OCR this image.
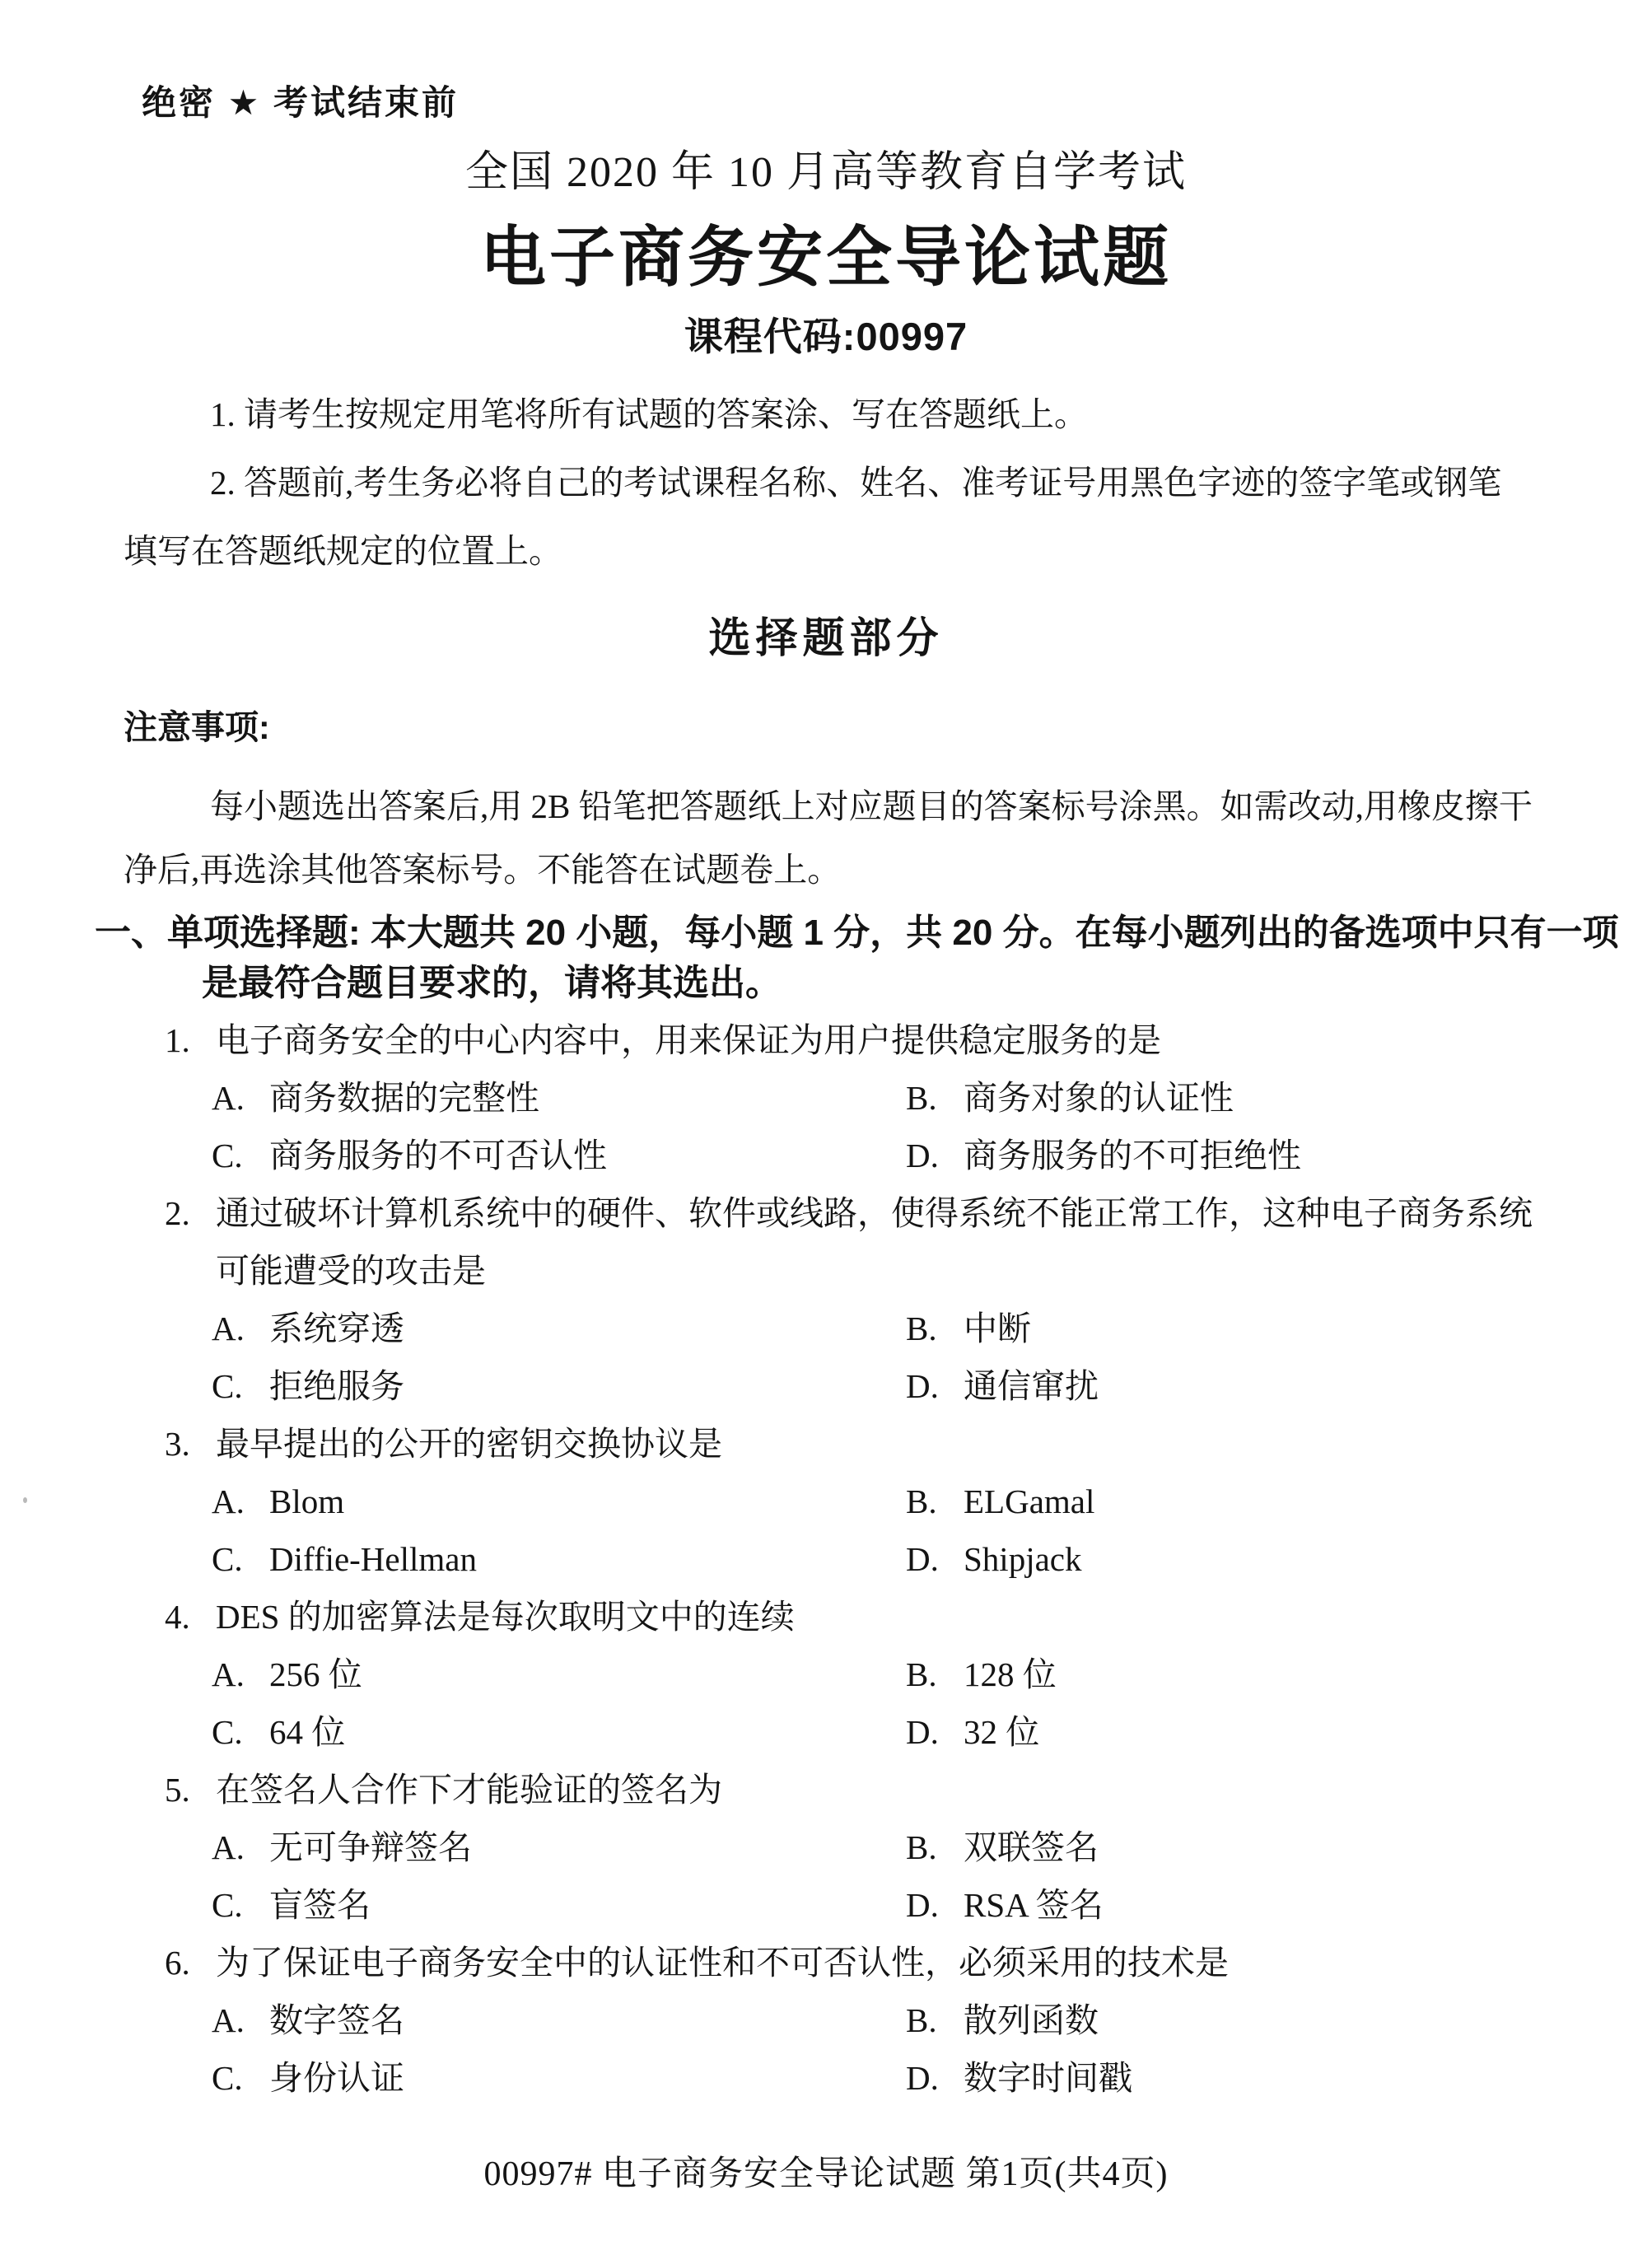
绝密 ★ 考试结束前
全国 2020 年 10 月高等教育自学考试
电子商务安全导论试题
课程代码:00997

1. 请考生按规定用笔将所有试题的答案涂、写在答题纸上。

2. 答题前,考生务必将自己的考试课程名称、姓名、准考证号用黑色字迹的签字笔或钢笔填写在答题纸规定的位置上。

选择题部分

注意事项:

每小题选出答案后,用 2B 铅笔把答题纸上对应题目的答案标号涂黑。如需改动,用橡皮擦干净后,再选涂其他答案标号。不能答在试题卷上。

一、单项选择题: 本大题共 20 小题，每小题 1 分，共 20 分。在每小题列出的备选项中只有一项是最符合题目要求的，请将其选出。

1. 电子商务安全的中心内容中，用来保证为用户提供稳定服务的是
A. 商务数据的完整性	B. 商务对象的认证性
C. 商务服务的不可否认性	D. 商务服务的不可拒绝性
2. 通过破坏计算机系统中的硬件、软件或线路，使得系统不能正常工作，这种电子商务系统可能遭受的攻击是
A. 系统穿透	B. 中断
C. 拒绝服务	D. 通信窜扰
3. 最早提出的公开的密钥交换协议是
A. Blom	B. ELGamal
C. Diffie-Hellman	D. Shipjack
4. DES 的加密算法是每次取明文中的连续
A. 256 位	B. 128 位
C. 64 位	D. 32 位
5. 在签名人合作下才能验证的签名为
A. 无可争辩签名	B. 双联签名
C. 盲签名	D. RSA 签名
6. 为了保证电子商务安全中的认证性和不可否认性，必须采用的技术是
A. 数字签名	B. 散列函数
C. 身份认证	D. 数字时间戳
00997# 电子商务安全导论试题 第1页(共4页)
